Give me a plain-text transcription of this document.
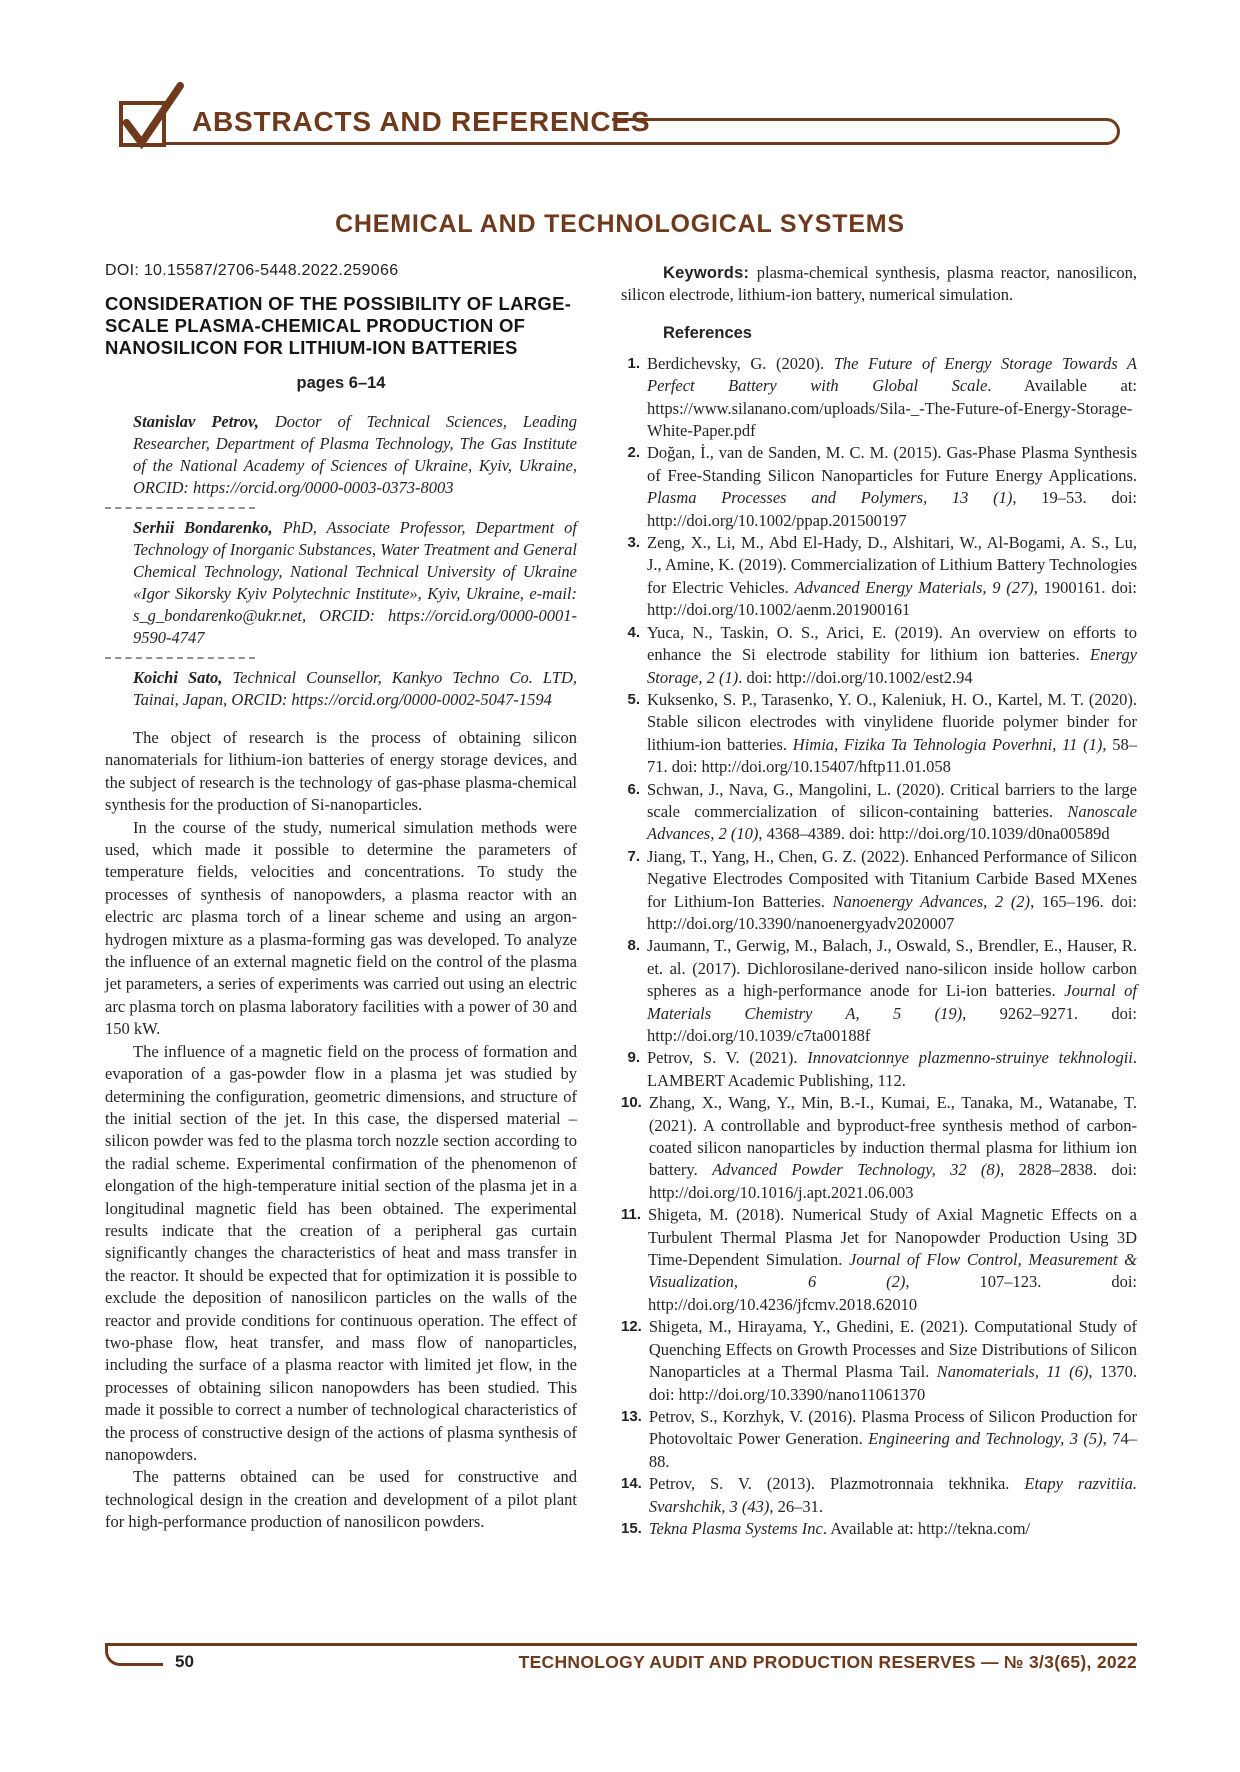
ABSTRACTS AND REFERENCES
CHEMICAL AND TECHNOLOGICAL SYSTEMS
DOI: 10.15587/2706-5448.2022.259066
CONSIDERATION OF THE POSSIBILITY OF LARGE-SCALE PLASMA-CHEMICAL PRODUCTION OF NANOSILICON FOR LITHIUM-ION BATTERIES
pages 6–14
Stanislav Petrov, Doctor of Technical Sciences, Leading Researcher, Department of Plasma Technology, The Gas Institute of the National Academy of Sciences of Ukraine, Kyiv, Ukraine, ORCID: https://orcid.org/0000-0003-0373-8003
Serhii Bondarenko, PhD, Associate Professor, Department of Technology of Inorganic Substances, Water Treatment and General Chemical Technology, National Technical University of Ukraine «Igor Sikorsky Kyiv Polytechnic Institute», Kyiv, Ukraine, e-mail: s_g_bondarenko@ukr.net, ORCID: https://orcid.org/0000-0001-9590-4747
Koichi Sato, Technical Counsellor, Kankyo Techno Co. LTD, Tainai, Japan, ORCID: https://orcid.org/0000-0002-5047-1594

The object of research is the process of obtaining silicon nanomaterials for lithium-ion batteries of energy storage devices, and the subject of research is the technology of gas-phase plasma-chemical synthesis for the production of Si-nanoparticles.

In the course of the study, numerical simulation methods were used, which made it possible to determine the parameters of temperature fields, velocities and concentrations. To study the processes of synthesis of nanopowders, a plasma reactor with an electric arc plasma torch of a linear scheme and using an argon-hydrogen mixture as a plasma-forming gas was developed. To analyze the influence of an external magnetic field on the control of the plasma jet parameters, a series of experiments was carried out using an electric arc plasma torch on plasma laboratory facilities with a power of 30 and 150 kW.

The influence of a magnetic field on the process of formation and evaporation of a gas-powder flow in a plasma jet was studied by determining the configuration, geometric dimensions, and structure of the initial section of the jet. In this case, the dispersed material – silicon powder was fed to the plasma torch nozzle section according to the radial scheme. Experimental confirmation of the phenomenon of elongation of the high-temperature initial section of the plasma jet in a longitudinal magnetic field has been obtained. The experimental results indicate that the creation of a peripheral gas curtain significantly changes the characteristics of heat and mass transfer in the reactor. It should be expected that for optimization it is possible to exclude the deposition of nanosilicon particles on the walls of the reactor and provide conditions for continuous operation. The effect of two-phase flow, heat transfer, and mass flow of nanoparticles, including the surface of a plasma reactor with limited jet flow, in the processes of obtaining silicon nanopowders has been studied. This made it possible to correct a number of technological characteristics of the process of constructive design of the actions of plasma synthesis of nanopowders.

The patterns obtained can be used for constructive and technological design in the creation and development of a pilot plant for high-performance production of nanosilicon powders.

Keywords: plasma-chemical synthesis, plasma reactor, nanosilicon, silicon electrode, lithium-ion battery, numerical simulation.
References
1. Berdichevsky, G. (2020). The Future of Energy Storage Towards A Perfect Battery with Global Scale. Available at: https://www.silanano.com/uploads/Sila-_-The-Future-of-Energy-Storage-White-Paper.pdf
2. Doğan, İ., van de Sanden, M. C. M. (2015). Gas-Phase Plasma Synthesis of Free-Standing Silicon Nanoparticles for Future Energy Applications. Plasma Processes and Polymers, 13 (1), 19–53. doi: http://doi.org/10.1002/ppap.201500197
3. Zeng, X., Li, M., Abd El-Hady, D., Alshitari, W., Al-Bogami, A. S., Lu, J., Amine, K. (2019). Commercialization of Lithium Battery Technologies for Electric Vehicles. Advanced Energy Materials, 9 (27), 1900161. doi: http://doi.org/10.1002/aenm.201900161
4. Yuca, N., Taskin, O. S., Arici, E. (2019). An overview on efforts to enhance the Si electrode stability for lithium ion batteries. Energy Storage, 2 (1). doi: http://doi.org/10.1002/est2.94
5. Kuksenko, S. P., Tarasenko, Y. O., Kaleniuk, H. O., Kartel, M. T. (2020). Stable silicon electrodes with vinylidene fluoride polymer binder for lithium-ion batteries. Himia, Fizika Ta Tehnologia Poverhni, 11 (1), 58–71. doi: http://doi.org/10.15407/hftp11.01.058
6. Schwan, J., Nava, G., Mangolini, L. (2020). Critical barriers to the large scale commercialization of silicon-containing batteries. Nanoscale Advances, 2 (10), 4368–4389. doi: http://doi.org/10.1039/d0na00589d
7. Jiang, T., Yang, H., Chen, G. Z. (2022). Enhanced Performance of Silicon Negative Electrodes Composited with Titanium Carbide Based MXenes for Lithium-Ion Batteries. Nanoenergy Advances, 2 (2), 165–196. doi: http://doi.org/10.3390/nanoenergyadv2020007
8. Jaumann, T., Gerwig, M., Balach, J., Oswald, S., Brendler, E., Hauser, R. et. al. (2017). Dichlorosilane-derived nano-silicon inside hollow carbon spheres as a high-performance anode for Li-ion batteries. Journal of Materials Chemistry A, 5 (19), 9262–9271. doi: http://doi.org/10.1039/c7ta00188f
9. Petrov, S. V. (2021). Innovatcionnye plazmenno-struinye tekhnologii. LAMBERT Academic Publishing, 112.
10. Zhang, X., Wang, Y., Min, B.-I., Kumai, E., Tanaka, M., Watanabe, T. (2021). A controllable and byproduct-free synthesis method of carbon-coated silicon nanoparticles by induction thermal plasma for lithium ion battery. Advanced Powder Technology, 32 (8), 2828–2838. doi: http://doi.org/10.1016/j.apt.2021.06.003
11. Shigeta, M. (2018). Numerical Study of Axial Magnetic Effects on a Turbulent Thermal Plasma Jet for Nanopowder Production Using 3D Time-Dependent Simulation. Journal of Flow Control, Measurement & Visualization, 6 (2), 107–123. doi: http://doi.org/10.4236/jfcmv.2018.62010
12. Shigeta, M., Hirayama, Y., Ghedini, E. (2021). Computational Study of Quenching Effects on Growth Processes and Size Distributions of Silicon Nanoparticles at a Thermal Plasma Tail. Nanomaterials, 11 (6), 1370. doi: http://doi.org/10.3390/nano11061370
13. Petrov, S., Korzhyk, V. (2016). Plasma Process of Silicon Production for Photovoltaic Power Generation. Engineering and Technology, 3 (5), 74–88.
14. Petrov, S. V. (2013). Plazmotronnaia tekhnika. Etapy razvitiia. Svarshchik, 3 (43), 26–31.
15. Tekna Plasma Systems Inc. Available at: http://tekna.com/
50	TECHNOLOGY AUDIT AND PRODUCTION RESERVES — № 3/3(65), 2022
